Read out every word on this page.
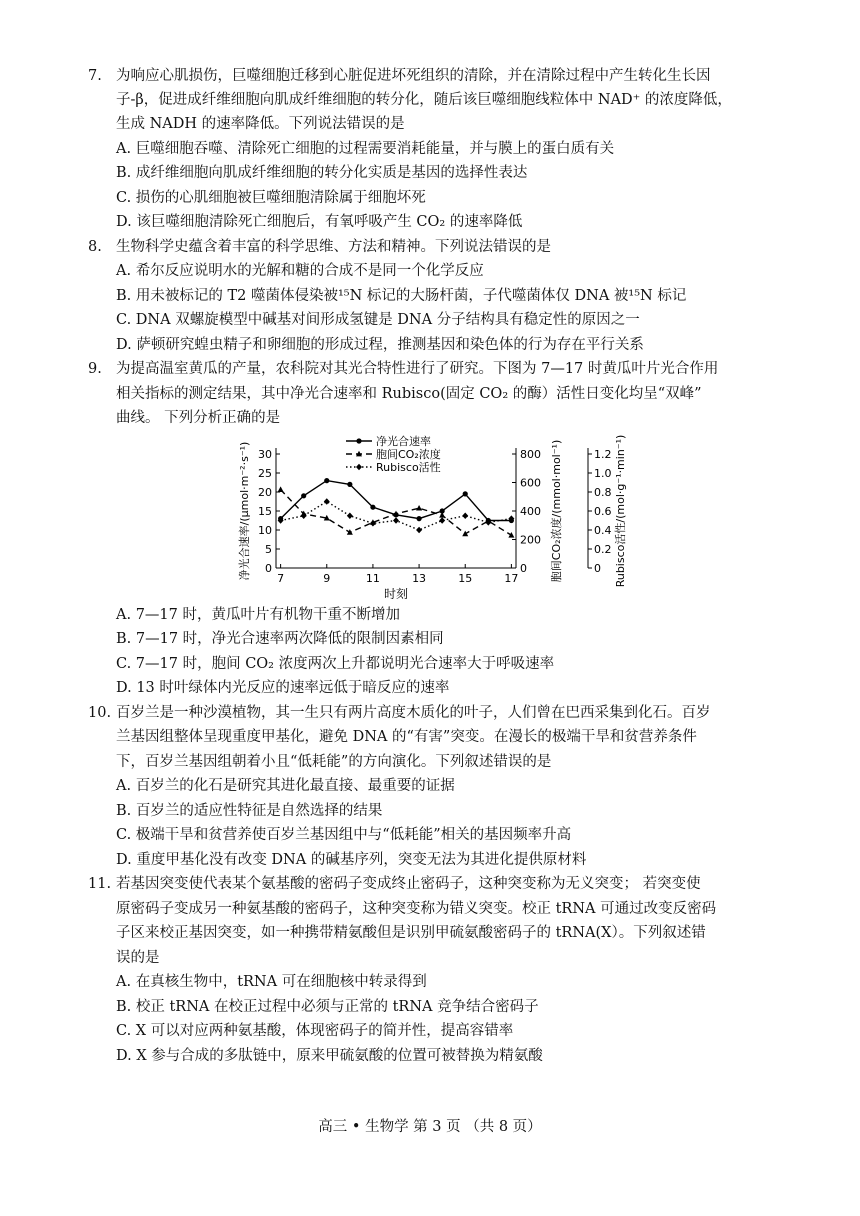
7. 为响应心肌损伤，巨噬细胞迁移到心脏促进坏死组织的清除，并在清除过程中产生转化生长因
子-β，促进成纤维细胞向肌成纤维细胞的转分化，随后该巨噬细胞线粒体中 NAD⁺ 的浓度降低，
生成 NADH 的速率降低。下列说法错误的是
A. 巨噬细胞吞噬、清除死亡细胞的过程需要消耗能量，并与膜上的蛋白质有关
B. 成纤维细胞向肌成纤维细胞的转分化实质是基因的选择性表达
C. 损伤的心肌细胞被巨噬细胞清除属于细胞坏死
D. 该巨噬细胞清除死亡细胞后，有氧呼吸产生 CO₂ 的速率降低
8. 生物科学史蕴含着丰富的科学思维、方法和精神。下列说法错误的是
A. 希尔反应说明水的光解和糖的合成不是同一个化学反应
B. 用未被标记的 T2 噬菌体侵染被¹⁵N 标记的大肠杆菌，子代噬菌体仅 DNA 被¹⁵N 标记
C. DNA 双螺旋模型中碱基对间形成氢键是 DNA 分子结构具有稳定性的原因之一
D. 萨顿研究蝗虫精子和卵细胞的形成过程，推测基因和染色体的行为存在平行关系
9. 为提高温室黄瓜的产量，农科院对其光合特性进行了研究。下图为 7—17 时黄瓜叶片光合作用
相关指标的测定结果，其中净光合速率和 Rubisco(固定 CO₂ 的酶）活性日变化均呈“双峰”
曲线。 下列分析正确的是
0
5
10
15
20
25
30
0
200
400
600
800
0
0.2
0.4
0.6
0.8
1.0
1.2
7	9	11	13	15	17
时刻
净光合速率/(μmol·m⁻²·s⁻¹)	胞间CO₂浓度/(mmol·mol⁻¹)	Rubisco活性/(mol·g⁻¹·min⁻¹)
净光合速率
胞间CO₂浓度
Rubisco活性
A. 7—17 时，黄瓜叶片有机物干重不断增加
B. 7—17 时，净光合速率两次降低的限制因素相同
C. 7—17 时，胞间 CO₂ 浓度两次上升都说明光合速率大于呼吸速率
D. 13 时叶绿体内光反应的速率远低于暗反应的速率
10. 百岁兰是一种沙漠植物，其一生只有两片高度木质化的叶子，人们曾在巴西采集到化石。百岁
兰基因组整体呈现重度甲基化，避免 DNA 的“有害”突变。在漫长的极端干旱和贫营养条件
下，百岁兰基因组朝着小且“低耗能”的方向演化。下列叙述错误的是
A. 百岁兰的化石是研究其进化最直接、最重要的证据
B. 百岁兰的适应性特征是自然选择的结果
C. 极端干旱和贫营养使百岁兰基因组中与“低耗能”相关的基因频率升高
D. 重度甲基化没有改变 DNA 的碱基序列，突变无法为其进化提供原材料
11. 若基因突变使代表某个氨基酸的密码子变成终止密码子，这种突变称为无义突变； 若突变使
原密码子变成另一种氨基酸的密码子，这种突变称为错义突变。校正 tRNA 可通过改变反密码
子区来校正基因突变，如一种携带精氨酸但是识别甲硫氨酸密码子的 tRNA(X）。下列叙述错
误的是
A. 在真核生物中，tRNA 可在细胞核中转录得到
B. 校正 tRNA 在校正过程中必须与正常的 tRNA 竞争结合密码子
C. X 可以对应两种氨基酸，体现密码子的简并性，提高容错率
D. X 参与合成的多肽链中，原来甲硫氨酸的位置可被替换为精氨酸
高三 • 生物学 第 3 页 （共 8 页）
